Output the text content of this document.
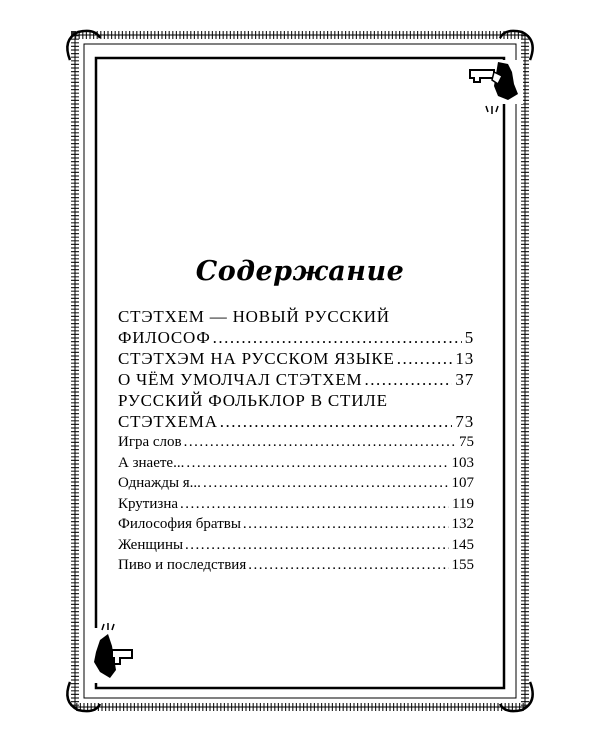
Содержание
СТЭТХЕМ — НОВЫЙ РУССКИЙ
ФИЛОСОФ .....	5
СТЭТХЭМ НА РУССКОМ ЯЗЫКЕ .....	13
О ЧЁМ УМОЛЧАЛ СТЭТХЕМ .....	37
РУССКИЙ ФОЛЬКЛОР В СТИЛЕ
СТЭТХЕМА .....	73
Игра слов .....	75
А знаете... .....	103
Однажды я... .....	107
Крутизна .....	119
Философия братвы .....	132
Женщины .....	145
Пиво и последствия .....	155
